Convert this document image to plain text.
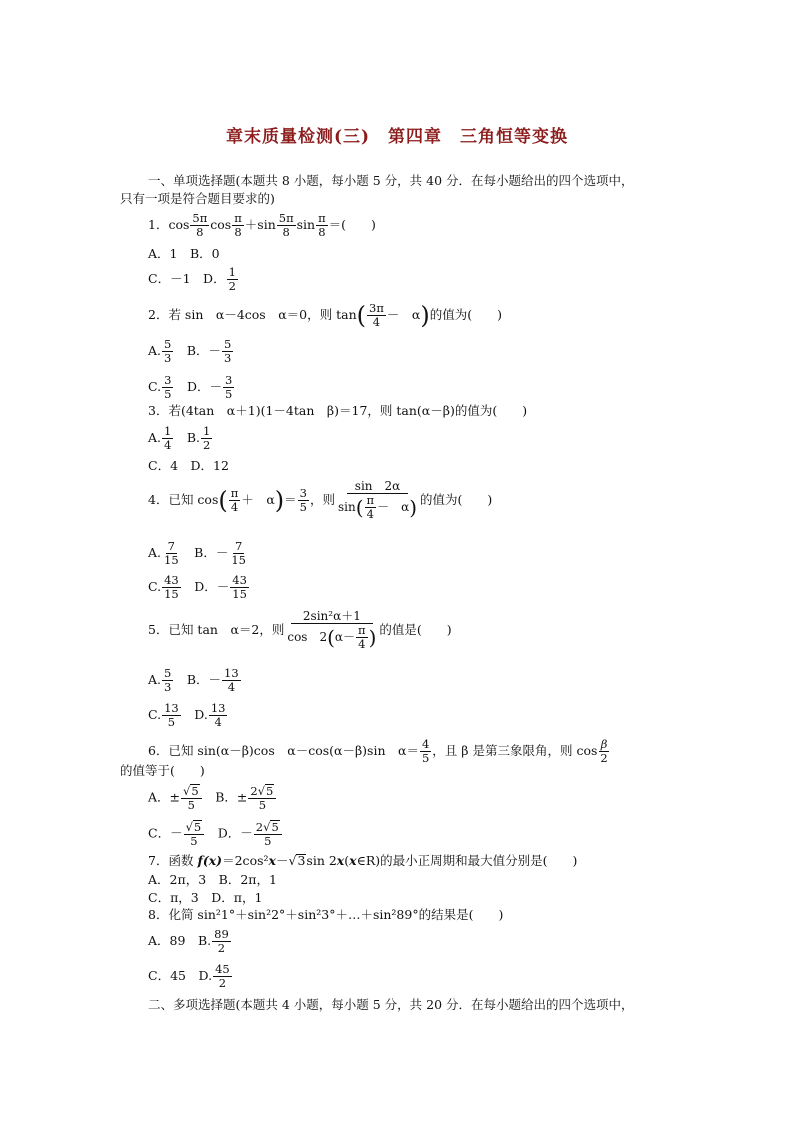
章末质量检测(三)　第四章　三角恒等变换
一、单项选择题(本题共 8 小题，每小题 5 分，共 40 分．在每小题给出的四个选项中，
只有一项是符合题目要求的)
1．$\cos \frac{5\pi}{8}$ $\cos \frac{\pi}{8} +\sin \frac{5\pi}{8}$ $\sin \frac{\pi}{8}$ ＝(　　)
A．1　 B．0
C．－1　 D． $\frac{1}{2}$
2．若 sin　α－4cos　α＝0，则 $\tan( \frac{3\pi}{4}$ －　α)的值为(　　)
A. $\frac{5}{3}$
　 B．－ $\frac{5}{3}$
C. $\frac{3}{5}$
　 D．－ $\frac{3}{5}$
3．若(4tan　α＋1)(1－4tan　β)＝17，则 tan(α－β)的值为(　　)
A. $\frac{1}{4}$
　 B. $\frac{1}{2}$
C．4　D．12
4．已知 $\cos( \frac{\pi}{4}$ ＋　$\alpha)= \frac{3}{5}$ ，则 $\frac{\sin 2\alpha}{\sin( \frac{\pi}{4} - \alpha)}$ 的值为(　　)
A. $\frac{7}{15}$
　 B．－ $\frac{7}{15}$
C. $\frac{43}{15}$
　 D．－ $\frac{43}{15}$
5．已知 tan　α＝2，则 $\frac{\text{2sin²α＋1}}{\cos 2(\alpha- \frac{\pi}{4} )}$ 的值是(　　)
A. $\frac{5}{3}$
　 B．－ $\frac{13}{4}$
C. $\frac{13}{5}$
　 D. $\frac{13}{4}$
6．已知 sin(α－β)cos　α－cos(α－β)sin　$\alpha= \frac{4}{5}$ ，且 β 是第三象限角，则 $\cos \frac{\beta}{2}$
的值等于(　　)
A．± $\frac{√5}{5}$
　 B．± $\frac{2√5}{5}$
C．－ $\frac{√5}{5}$
　 D．－ $\frac{2√5}{5}$
7．函数 f(x)＝2cos²x－√3sin 2x(x∈R)的最小正周期和最大值分别是(　　)
A．2π，3　B．2π，1
C．π，3　D．π，1
8．化简 sin²1°＋sin²2°＋sin²3°＋…＋sin²89°的结果是(　　)
A．89　 B. $\frac{89}{2}$
C．45　 D. $\frac{45}{2}$
二、多项选择题(本题共 4 小题，每小题 5 分，共 20 分．在每小题给出的四个选项中，
